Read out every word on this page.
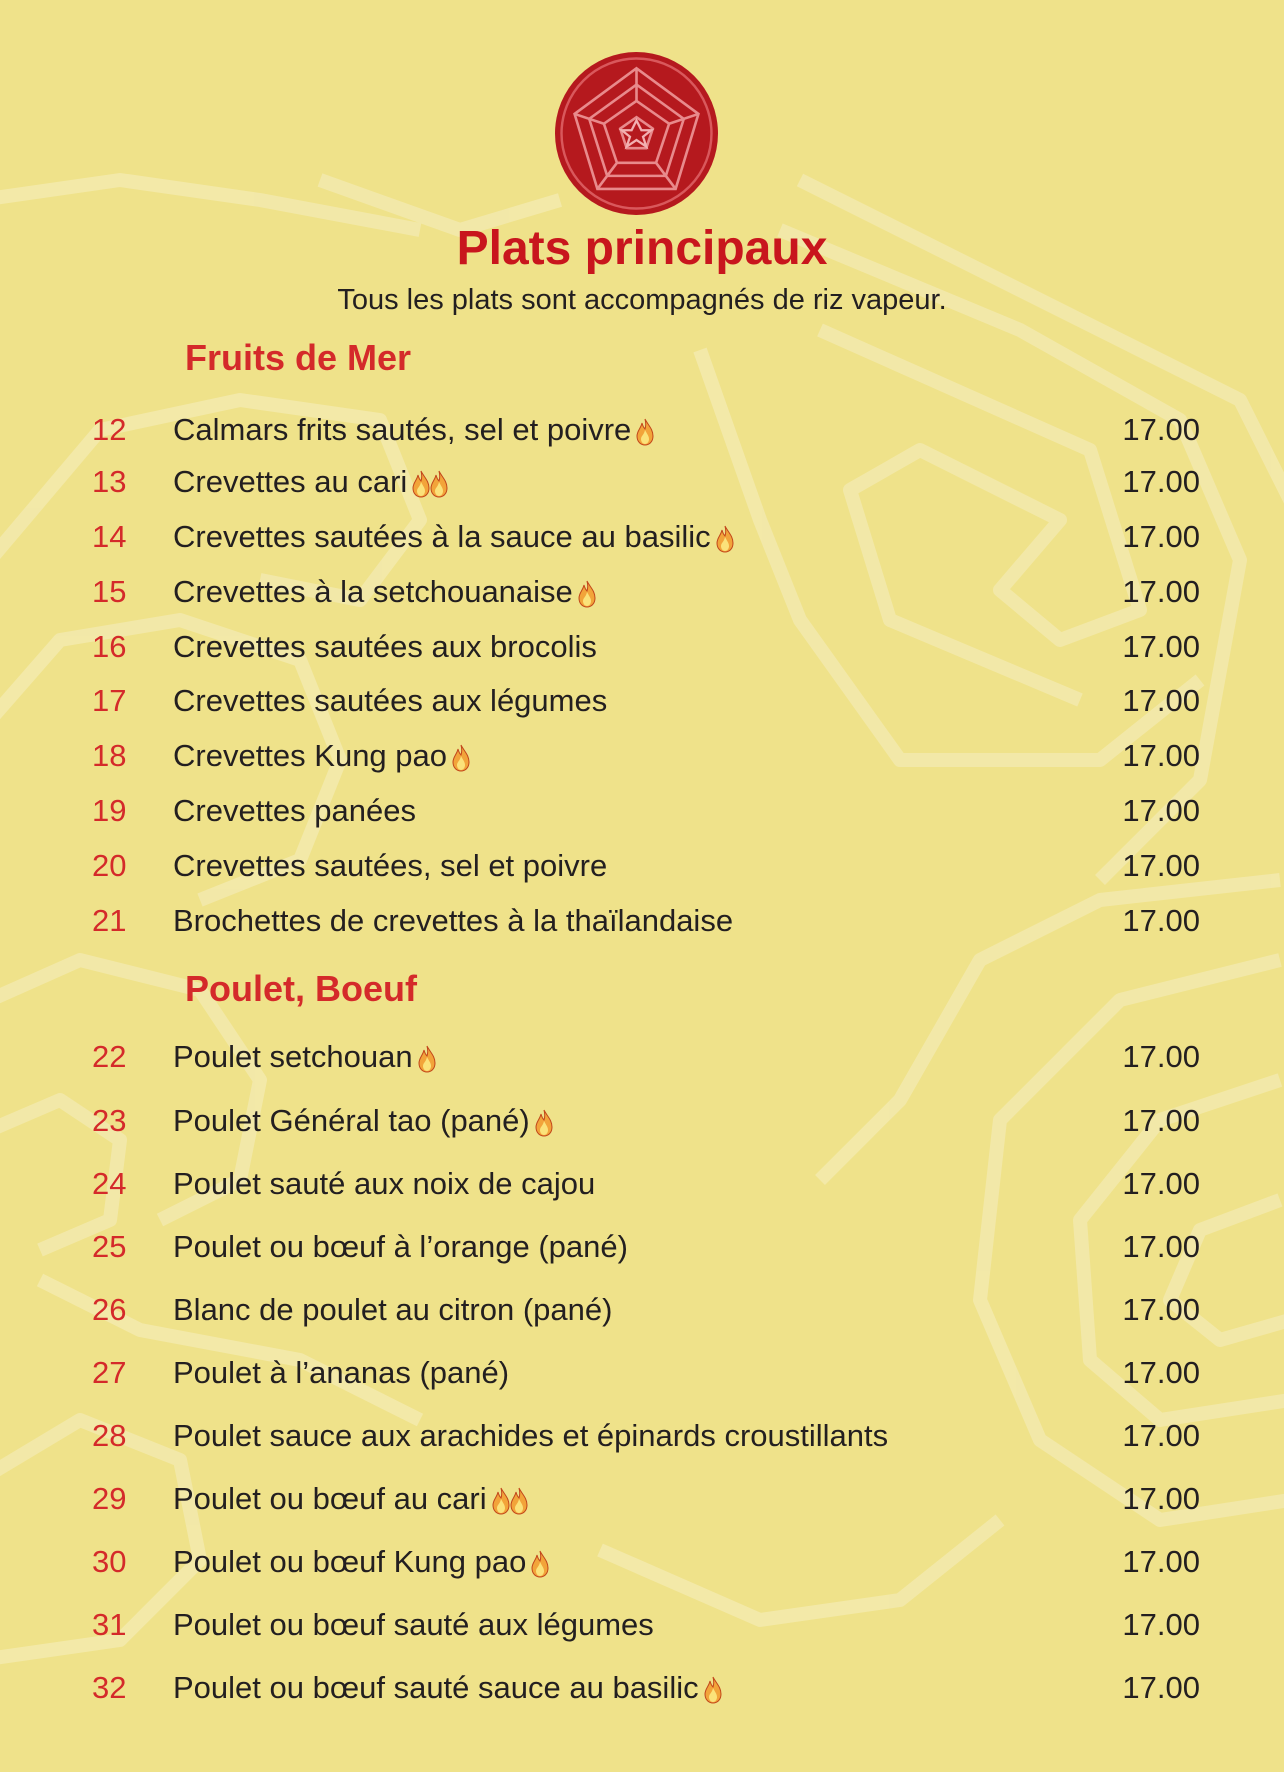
Plats principaux
Tous les plats sont accompagnés de riz vapeur.
Fruits de Mer
12 Calmars frits sautés, sel et poivre	17.00
13 Crevettes au cari	17.00
14 Crevettes sautées à la sauce au basilic	17.00
15 Crevettes à la setchouanaise	17.00
16 Crevettes sautées aux brocolis	17.00
17 Crevettes sautées aux légumes	17.00
18 Crevettes Kung pao	17.00
19 Crevettes panées	17.00
20 Crevettes sautées, sel et poivre	17.00
21 Brochettes de crevettes à la thaïlandaise	17.00
Poulet, Boeuf
22 Poulet setchouan	17.00
23 Poulet Général tao (pané)	17.00
24 Poulet sauté aux noix de cajou	17.00
25 Poulet ou bœuf à l’orange (pané)	17.00
26 Blanc de poulet au citron (pané)	17.00
27 Poulet à l’ananas (pané)	17.00
28 Poulet sauce aux arachides et épinards croustillants	17.00
29 Poulet ou bœuf au cari	17.00
30 Poulet ou bœuf Kung pao	17.00
31 Poulet ou bœuf sauté aux légumes	17.00
32 Poulet ou bœuf sauté sauce au basilic	17.00
